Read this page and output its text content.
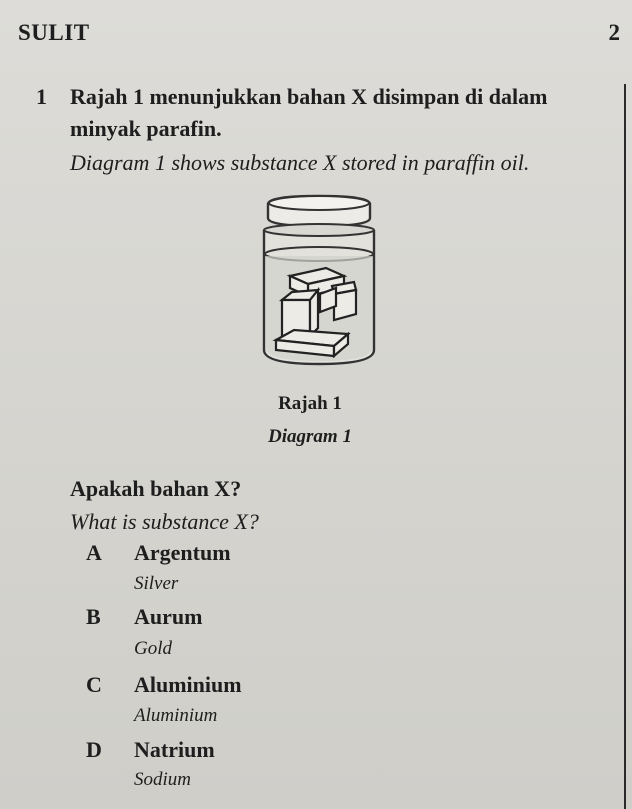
SULIT	2
1 Rajah 1 menunjukkan bahan X disimpan di dalam
minyak parafin.
Diagram 1 shows substance X stored in paraffin oil.
Rajah 1
Diagram 1
Apakah bahan X?
What is substance X?
A Argentum
Silver
B Aurum
Gold
C Aluminium
Aluminium
D Natrium
Sodium
